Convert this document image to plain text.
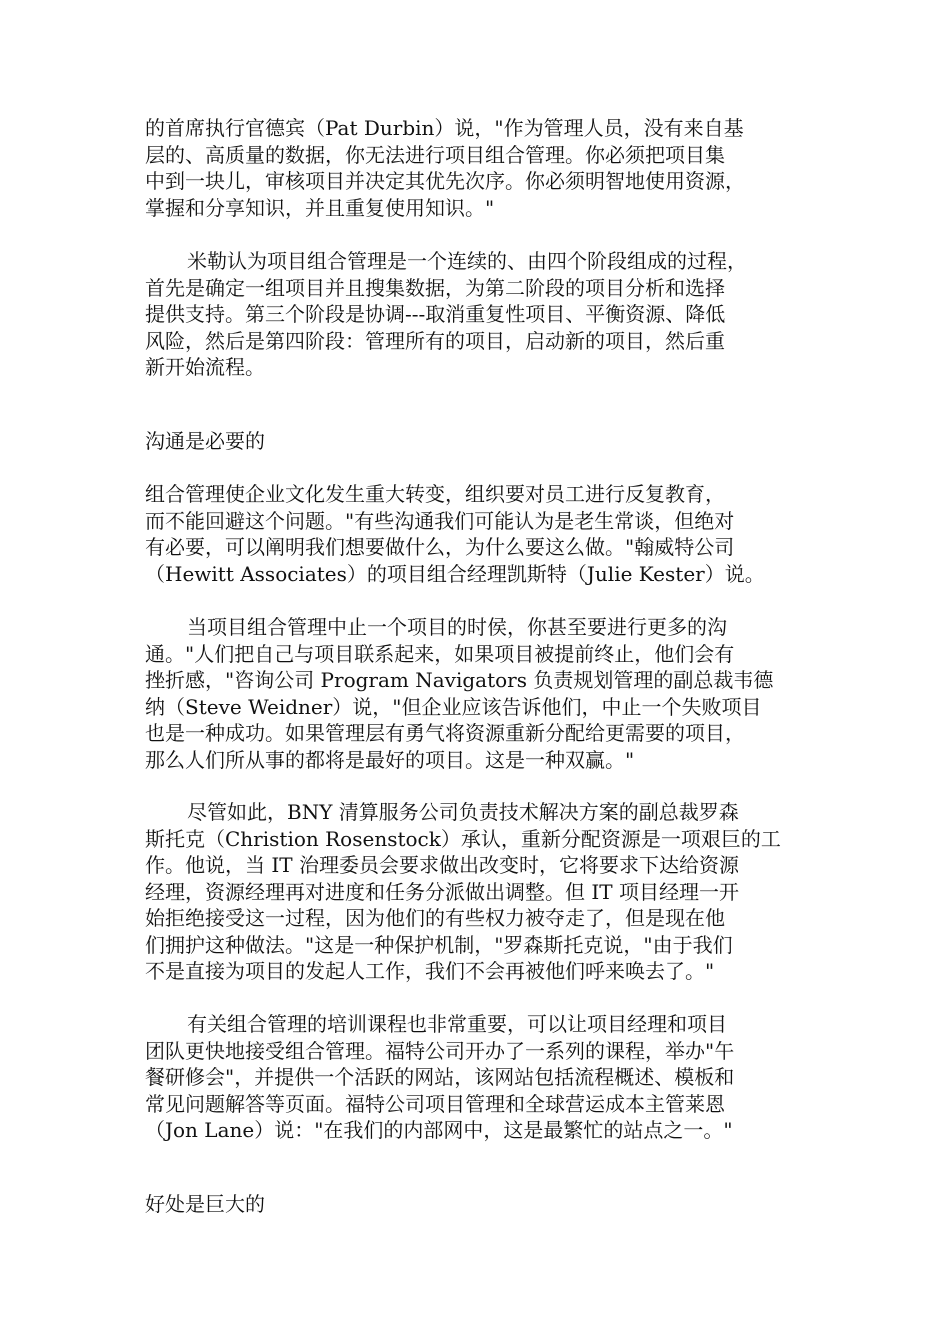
的首席执行官德宾（Pat Durbin）说，"作为管理人员，没有来自基
层的、高质量的数据，你无法进行项目组合管理。你必须把项目集
中到一块儿，审核项目并决定其优先次序。你必须明智地使用资源，
掌握和分享知识，并且重复使用知识。"

米勒认为项目组合管理是一个连续的、由四个阶段组成的过程，
首先是确定一组项目并且搜集数据，为第二阶段的项目分析和选择
提供支持。第三个阶段是协调---取消重复性项目、平衡资源、降低
风险，然后是第四阶段：管理所有的项目，启动新的项目，然后重
新开始流程。

沟通是必要的

组合管理使企业文化发生重大转变，组织要对员工进行反复教育，
而不能回避这个问题。"有些沟通我们可能认为是老生常谈，但绝对
有必要，可以阐明我们想要做什么，为什么要这么做。"翰威特公司
（Hewitt Associates）的项目组合经理凯斯特（Julie Kester）说。

当项目组合管理中止一个项目的时侯，你甚至要进行更多的沟
通。"人们把自己与项目联系起来，如果项目被提前终止，他们会有
挫折感，"咨询公司 Program Navigators 负责规划管理的副总裁韦德
纳（Steve Weidner）说，"但企业应该告诉他们，中止一个失败项目
也是一种成功。如果管理层有勇气将资源重新分配给更需要的项目，
那么人们所从事的都将是最好的项目。这是一种双赢。"

尽管如此，BNY 清算服务公司负责技术解决方案的副总裁罗森
斯托克（Christion Rosenstock）承认，重新分配资源是一项艰巨的工
作。他说，当 IT 治理委员会要求做出改变时，它将要求下达给资源
经理，资源经理再对进度和任务分派做出调整。但 IT 项目经理一开
始拒绝接受这一过程，因为他们的有些权力被夺走了，但是现在他
们拥护这种做法。"这是一种保护机制，"罗森斯托克说，"由于我们
不是直接为项目的发起人工作，我们不会再被他们呼来唤去了。"

有关组合管理的培训课程也非常重要，可以让项目经理和项目
团队更快地接受组合管理。福特公司开办了一系列的课程，举办"午
餐研修会"，并提供一个活跃的网站，该网站包括流程概述、模板和
常见问题解答等页面。福特公司项目管理和全球营运成本主管莱恩
（Jon Lane）说："在我们的内部网中，这是最繁忙的站点之一。"

好处是巨大的
